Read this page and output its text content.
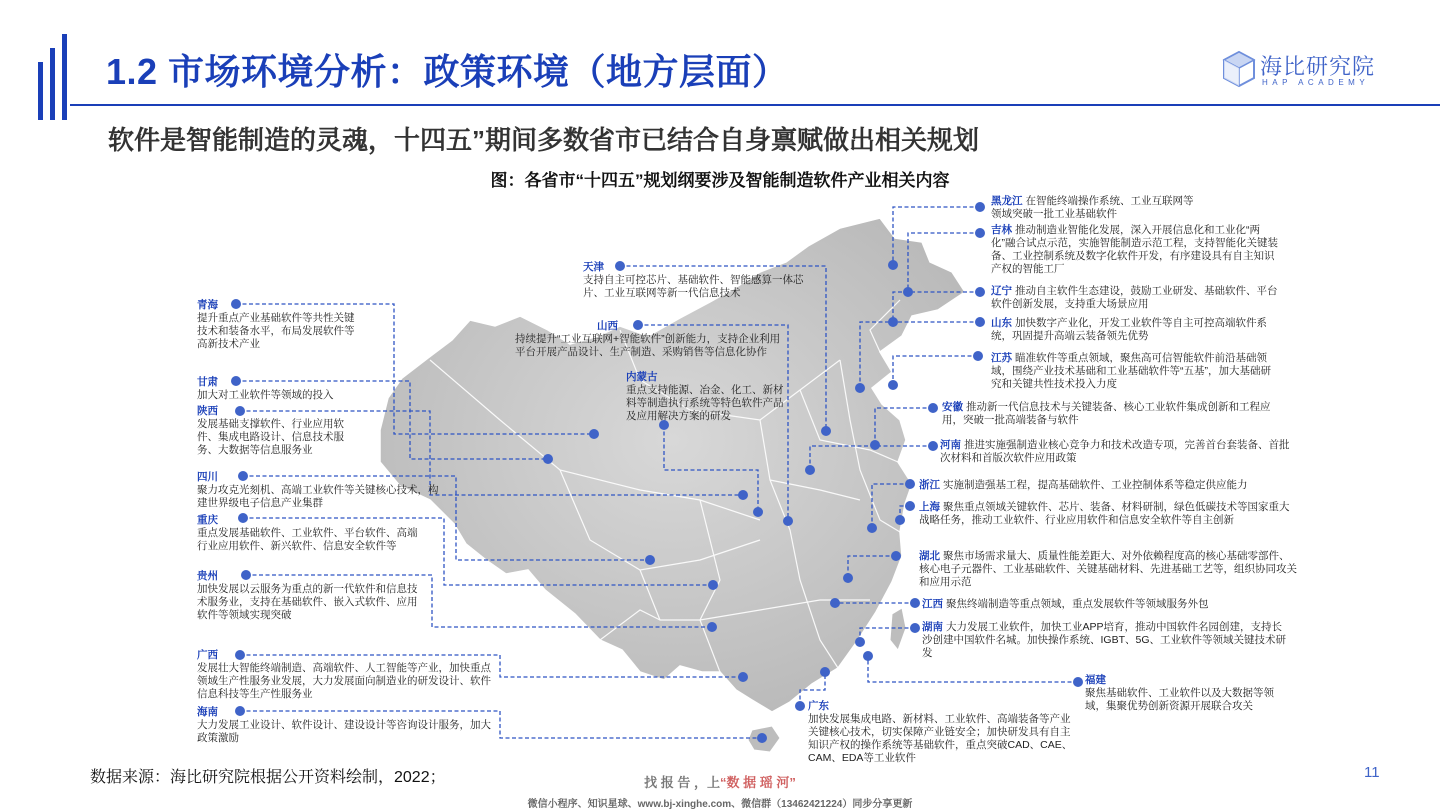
1.2 市场环境分析：政策环境（地方层面）	海比研究院
HAP ACADEMY
软件是智能制造的灵魂，十四五”期间多数省市已结合自身禀赋做出相关规划
图：各省市“十四五”规划纲要涉及智能制造软件产业相关内容
黑龙江 在智能终端操作系统、工业互联网等领域突破一批工业基础软件
吉林 推动制造业智能化发展，深入开展信息化和工业化“两化”融合试点示范，实施智能制造示范工程，支持智能化关键装备、工业控制系统及数字化软件开发，有序建设具有自主知识产权的智能工厂
辽宁 推动自主软件生态建设，鼓励工业研发、基础软件、平台软件创新发展，支持重大场景应用
山东 加快数字产业化，开发工业软件等自主可控高端软件系统，巩固提升高端云装备领先优势
江苏 瞄准软件等重点领域，聚焦高可信智能软件前沿基础领域，围绕产业技术基础和工业基础软件等“五基”，加大基础研究和关键共性技术投入力度
安徽 推动新一代信息技术与关键装备、核心工业软件集成创新和工程应用，突破一批高端装备与软件
河南 推进实施强制造业核心竞争力和技术改造专项，完善首台套装备、首批次材料和首版次软件应用政策
浙江 实施制造强基工程，提高基础软件、工业控制体系等稳定供应能力
上海 聚焦重点领域关键软件、芯片、装备、材料研制，绿色低碳技术等国家重大战略任务，推动工业软件、行业应用软件和信息安全软件等自主创新
湖北 聚焦市场需求量大、质量性能差距大、对外依赖程度高的核心基础零部件、核心电子元器件、工业基础软件、关键基础材料、先进基础工艺等，组织协同攻关和应用示范
江西 聚焦终端制造等重点领域，重点发展软件等领域服务外包
湖南 大力发展工业软件，加快工业APP培育，推动中国软件名园创建，支持长沙创建中国软件名城。加快操作系统、IGBT、5G、工业软件等领域关键技术研发
福建
聚焦基础软件、工业软件以及大数据等领域，集聚优势创新资源开展联合攻关
广东
加快发展集成电路、新材料、工业软件、高端装备等产业关键核心技术，切实保障产业链安全；加快研发具有自主知识产权的操作系统等基础软件，重点突破CAD、CAE、CAM、EDA等工业软件
天津
支持自主可控芯片、基础软件、智能感算一体芯片、工业互联网等新一代信息技术
山西
持续提升“工业互联网+智能软件”创新能力，支持企业利用平台开展产品设计、生产制造、采购销售等信息化协作
内蒙古
重点支持能源、冶金、化工、新材料等制造执行系统等特色软件产品及应用解决方案的研发
青海
提升重点产业基础软件等共性关键技术和装备水平，布局发展软件等高新技术产业
甘肃
加大对工业软件等领域的投入
陕西
发展基础支撑软件、行业应用软件、集成电路设计、信息技术服务、大数据等信息服务业
四川
聚力攻克光刻机、高端工业软件等关键核心技术，构建世界级电子信息产业集群
重庆
重点发展基础软件、工业软件、平台软件、高端行业应用软件、新兴软件、信息安全软件等
贵州
加快发展以云服务为重点的新一代软件和信息技术服务业，支持在基础软件、嵌入式软件、应用软件等领域实现突破
广西
发展壮大智能终端制造、高端软件、人工智能等产业，加快重点领域生产性服务业发展，大力发展面向制造业的研发设计、软件信息科技等生产性服务业
海南
大力发展工业设计、软件设计、建设设计等咨询设计服务，加大政策激励
数据来源：海比研究院根据公开资料绘制，2022；	11
找 报 告 ，上“数 据 瑶 河”
微信小程序、知识星球、www.bj-xinghe.com、微信群（13462421224）同步分享更新
